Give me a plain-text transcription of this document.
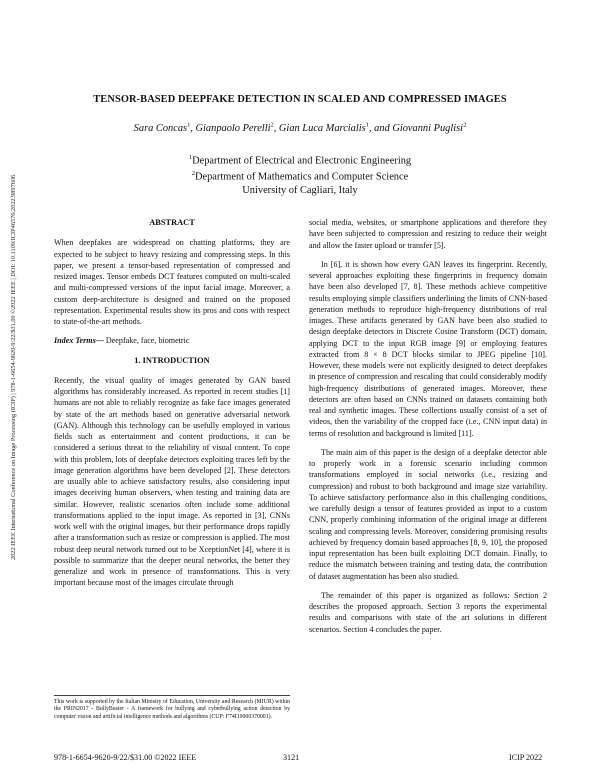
2022 IEEE International Conference on Image Processing (ICIP) | 978-1-6654-9620-9/22/$31.00 ©2022 IEEE | DOI: 10.1109/ICIP46576.2022.9897606
TENSOR-BASED DEEPFAKE DETECTION IN SCALED AND COMPRESSED IMAGES
Sara Concas$^1$, Gianpaolo Perelli$^2$, Gian Luca Marcialis$^1$, and Giovanni Puglisi$^2$
$^1$Department of Electrical and Electronic Engineering
$^2$Department of Mathematics and Computer Science
University of Cagliari, Italy
ABSTRACT

When deepfakes are widespread on chatting platforms, they are expected to be subject to heavy resizing and compressing steps. In this paper, we present a tensor-based representation of compressed and resized images. Tensor embeds DCT features computed on multi-scaled and multi-compressed versions of the input facial image. Moreover, a custom deep-architecture is designed and trained on the proposed representation. Experimental results show its pros and cons with respect to state-of-the-art methods.

Index Terms— Deepfake, face, biometric

1. INTRODUCTION

Recently, the visual quality of images generated by GAN based algorithms has considerably increased. As reported in recent studies [1] humans are not able to reliably recognize as fake face images generated by state of the art methods based on generative adversarial network (GAN). Although this technology can be usefully employed in various fields such as entertainment and content productions, it can be considered a serious threat to the reliability of visual content. To cope with this problem, lots of deepfake detectors exploiting traces left by the image generation algorithms have been developed [2]. These detectors are usually able to achieve satisfactory results, also considering input images deceiving human observers, when testing and training data are similar. However, realistic scenarios often include some additional transformations applied to the input image. As reported in [3], CNNs work well with the original images, but their performance drops rapidly after a transformation such as resize or compression is applied. The most robust deep neural network turned out to be XceptionNet [4], where it is possible to summarize that the deeper neural networks, the better they generalize and work in presence of transformations. This is very important because most of the images circulate through

social media, websites, or smartphone applications and therefore they have been subjected to compression and resizing to reduce their weight and allow the faster upload or transfer [5].

In [6], it is shown how every GAN leaves its fingerprint. Recently, several approaches exploiting these fingerprints in frequency domain have been also developed [7, 8]. These methods achieve competitive results employing simple classifiers underlining the limits of CNN-based generation methods to reproduce high-frequency distributions of real images. These artifacts generated by GAN have been also studied to design deepfake detectors in Discrete Cosine Transform (DCT) domain, applying DCT to the input RGB image [9] or employing features extracted from 8 × 8 DCT blocks similar to JPEG pipeline [10]. However, these models were not explicitly designed to detect deepfakes in presence of compression and rescaling that could considerably modify high-frequency distributions of generated images. Moreover, these detectors are often based on CNNs trained on datasets containing both real and synthetic images. These collections usually consist of a set of videos, then the variability of the cropped face (i.e., CNN input data) in terms of resolution and background is limited [11].

The main aim of this paper is the design of a deepfake detector able to properly work in a forensic scenario including common transformations employed in social networks (i.e., resizing and compression) and robust to both background and image size variability. To achieve satisfactory performance also in this challenging conditions, we carefully design a tensor of features provided as input to a custom CNN, properly combining information of the original image at different scaling and compressing levels. Moreover, considering promising results achieved by frequency domain based approaches [8, 9, 10], the proposed input representation has been built exploiting DCT domain. Finally, to reduce the mismatch between training and testing data, the contribution of dataset augmentation has been also studied.

The remainder of this paper is organized as follows: Section 2 describes the proposed approach. Section 3 reports the experimental results and comparisons with state of the art solutions in different scenarios. Section 4 concludes the paper.

This work is supported by the Italian Ministry of Education, University and Research (MIUR) within the PRIN2017 - BullyBuster - A framework for bullying and cyberbullying action detection by computer vision and artificial intelligence methods and algorithms (CUP: F74I19000370001).
978-1-6654-9620-9/22/$31.00 ©2022 IEEE	3121	ICIP 2022
